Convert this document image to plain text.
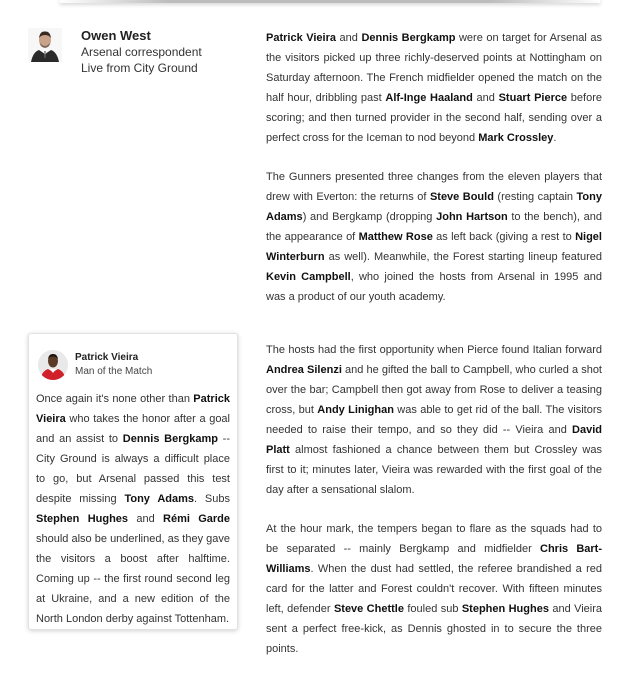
Owen West
Arsenal correspondent
Live from City Ground
Patrick Vieira
Man of the Match

Once again it's none other than Patrick Vieira who takes the honor after a goal and an assist to Dennis Bergkamp -- City Ground is always a difficult place to go, but Arsenal passed this test despite missing Tony Adams. Subs Stephen Hughes and Rémi Garde should also be underlined, as they gave the visitors a boost after halftime. Coming up -- the first round second leg at Ukraine, and a new edition of the North London derby against Tottenham.

Patrick Vieira and Dennis Bergkamp were on target for Arsenal as the visitors picked up three richly-deserved points at Nottingham on Saturday afternoon. The French midfielder opened the match on the half hour, dribbling past Alf-Inge Haaland and Stuart Pierce before scoring; and then turned provider in the second half, sending over a perfect cross for the Iceman to nod beyond Mark Crossley.

The Gunners presented three changes from the eleven players that drew with Everton: the returns of Steve Bould (resting captain Tony Adams) and Bergkamp (dropping John Hartson to the bench), and the appearance of Matthew Rose as left back (giving a rest to Nigel Winterburn as well). Meanwhile, the Forest starting lineup featured Kevin Campbell, who joined the hosts from Arsenal in 1995 and was a product of our youth academy.

The hosts had the first opportunity when Pierce found Italian forward Andrea Silenzi and he gifted the ball to Campbell, who curled a shot over the bar; Campbell then got away from Rose to deliver a teasing cross, but Andy Linighan was able to get rid of the ball. The visitors needed to raise their tempo, and so they did -- Vieira and David Platt almost fashioned a chance between them but Crossley was first to it; minutes later, Vieira was rewarded with the first goal of the day after a sensational slalom.

At the hour mark, the tempers began to flare as the squads had to be separated -- mainly Bergkamp and midfielder Chris Bart-Williams. When the dust had settled, the referee brandished a red card for the latter and Forest couldn't recover. With fifteen minutes left, defender Steve Chettle fouled sub Stephen Hughes and Vieira sent a perfect free-kick, as Dennis ghosted in to secure the three points.
